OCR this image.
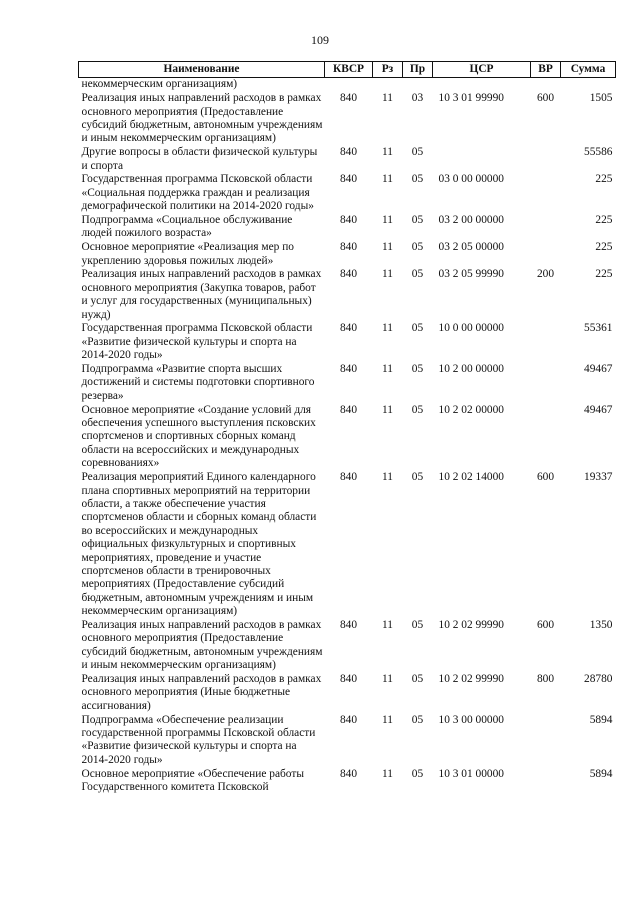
109
Наименование	КВСР	Рз	Пр	ЦСР	ВР	Сумма
некоммерческим организациям)						
Реализация иных направлений расходов в рамках основного мероприятия (Предоставление субсидий бюджетным, автономным учреждениям и иным некоммерческим организациям)	840	11	03	10 3 01 99990	600	1505
Другие вопросы в области физической культуры и спорта	840	11	05			55586
Государственная программа Псковской области «Социальная поддержка граждан и реализация демографической политики на 2014-2020 годы»	840	11	05	03 0 00 00000		225
Подпрограмма «Социальное обслуживание людей пожилого возраста»	840	11	05	03 2 00 00000		225
Основное мероприятие «Реализация мер по укреплению здоровья пожилых людей»	840	11	05	03 2 05 00000		225
Реализация иных направлений расходов в рамках основного мероприятия (Закупка товаров, работ и услуг для государственных (муниципальных) нужд)	840	11	05	03 2 05 99990	200	225
Государственная программа Псковской области «Развитие физической культуры и спорта на 2014-2020 годы»	840	11	05	10 0 00 00000		55361
Подпрограмма «Развитие спорта высших достижений и системы подготовки спортивного резерва»	840	11	05	10 2 00 00000		49467
Основное мероприятие «Создание условий для обеспечения успешного выступления псковских спортсменов и спортивных сборных команд области на всероссийских и международных соревнованиях»	840	11	05	10 2 02 00000		49467
Реализация мероприятий Единого календарного плана спортивных мероприятий на территории области, а также обеспечение участия спортсменов области и сборных команд области во всероссийских и международных официальных физкультурных и спортивных мероприятиях, проведение и участие спортсменов области в тренировочных мероприятиях (Предоставление субсидий бюджетным, автономным учреждениям и иным некоммерческим организациям)	840	11	05	10 2 02 14000	600	19337
Реализация иных направлений расходов в рамках основного мероприятия (Предоставление субсидий бюджетным, автономным учреждениям и иным некоммерческим организациям)	840	11	05	10 2 02 99990	600	1350
Реализация иных направлений расходов в рамках основного мероприятия (Иные бюджетные ассигнования)	840	11	05	10 2 02 99990	800	28780
Подпрограмма «Обеспечение реализации государственной программы Псковской области «Развитие физической культуры и спорта на 2014-2020 годы»	840	11	05	10 3 00 00000		5894
Основное мероприятие «Обеспечение работы Государственного комитета Псковской	840	11	05	10 3 01 00000		5894
